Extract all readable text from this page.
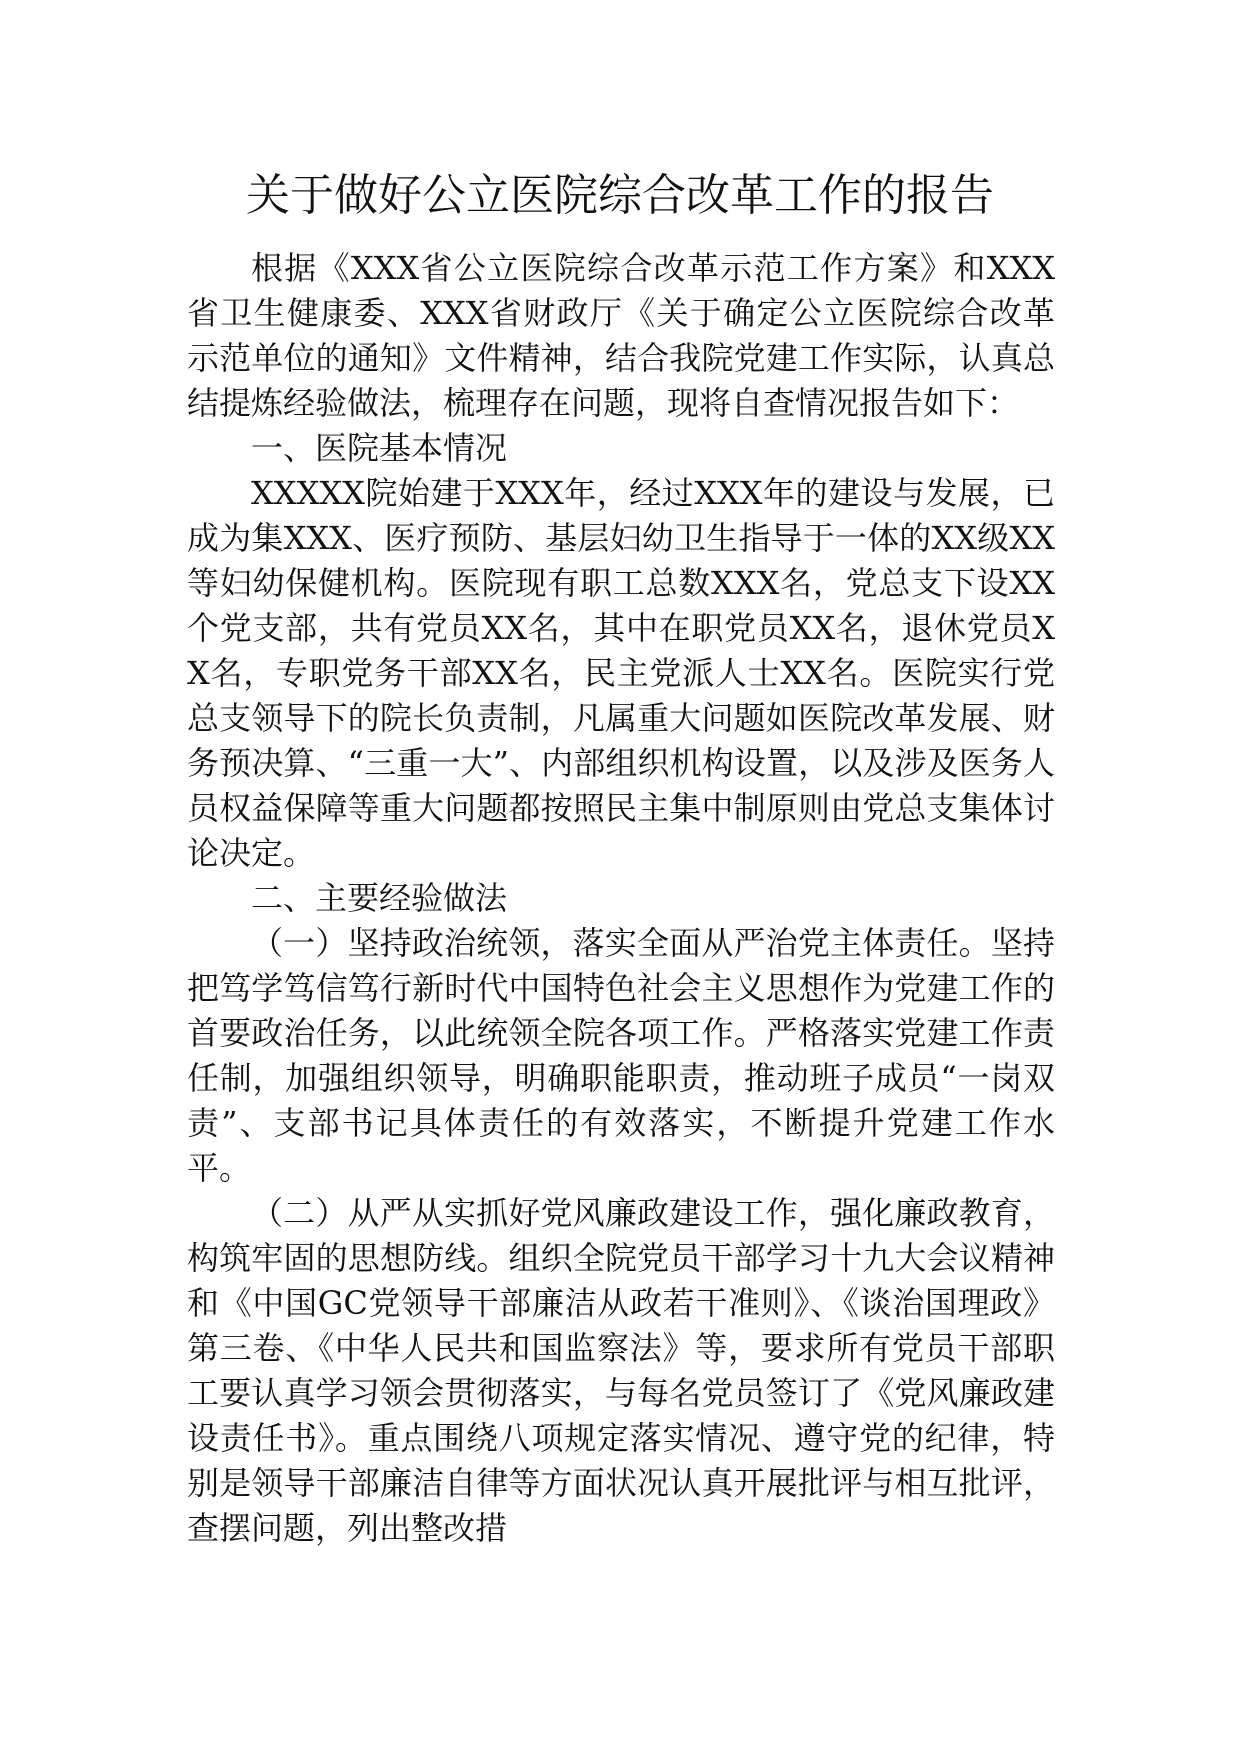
关于做好公立医院综合改革工作的报告

根据《XXX省公立医院综合改革示范工作方案》和XXX省卫生健康委、XXX省财政厅《关于确定公立医院综合改革示范单位的通知》文件精神，结合我院党建工作实际，认真总结提炼经验做法，梳理存在问题，现将自查情况报告如下：

一、医院基本情况

XXXXX院始建于XXX年，经过XXX年的建设与发展，已成为集XXX、医疗预防、基层妇幼卫生指导于一体的XX级XX等妇幼保健机构。医院现有职工总数XXX名，党总支下设XX个党支部，共有党员XX名，其中在职党员XX名，退休党员XX名，专职党务干部XX名，民主党派人士XX名。医院实行党总支领导下的院长负责制，凡属重大问题如医院改革发展、财务预决算、“三重一大”、内部组织机构设置，以及涉及医务人员权益保障等重大问题都按照民主集中制原则由党总支集体讨论决定。

二、主要经验做法

（一）坚持政治统领，落实全面从严治党主体责任。坚持把笃学笃信笃行新时代中国特色社会主义思想作为党建工作的首要政治任务，以此统领全院各项工作。严格落实党建工作责任制，加强组织领导，明确职能职责，推动班子成员“一岗双责”、支部书记具体责任的有效落实，不断提升党建工作水平。

（二）从严从实抓好党风廉政建设工作，强化廉政教育，构筑牢固的思想防线。组织全院党员干部学习十九大会议精神和《中国GC党领导干部廉洁从政若干准则》、《谈治国理政》第三卷、《中华人民共和国监察法》等，要求所有党员干部职工要认真学习领会贯彻落实，与每名党员签订了《党风廉政建设责任书》。重点围绕八项规定落实情况、遵守党的纪律，特别是领导干部廉洁自律等方面状况认真开展批评与相互批评，查摆问题，列出整改措
